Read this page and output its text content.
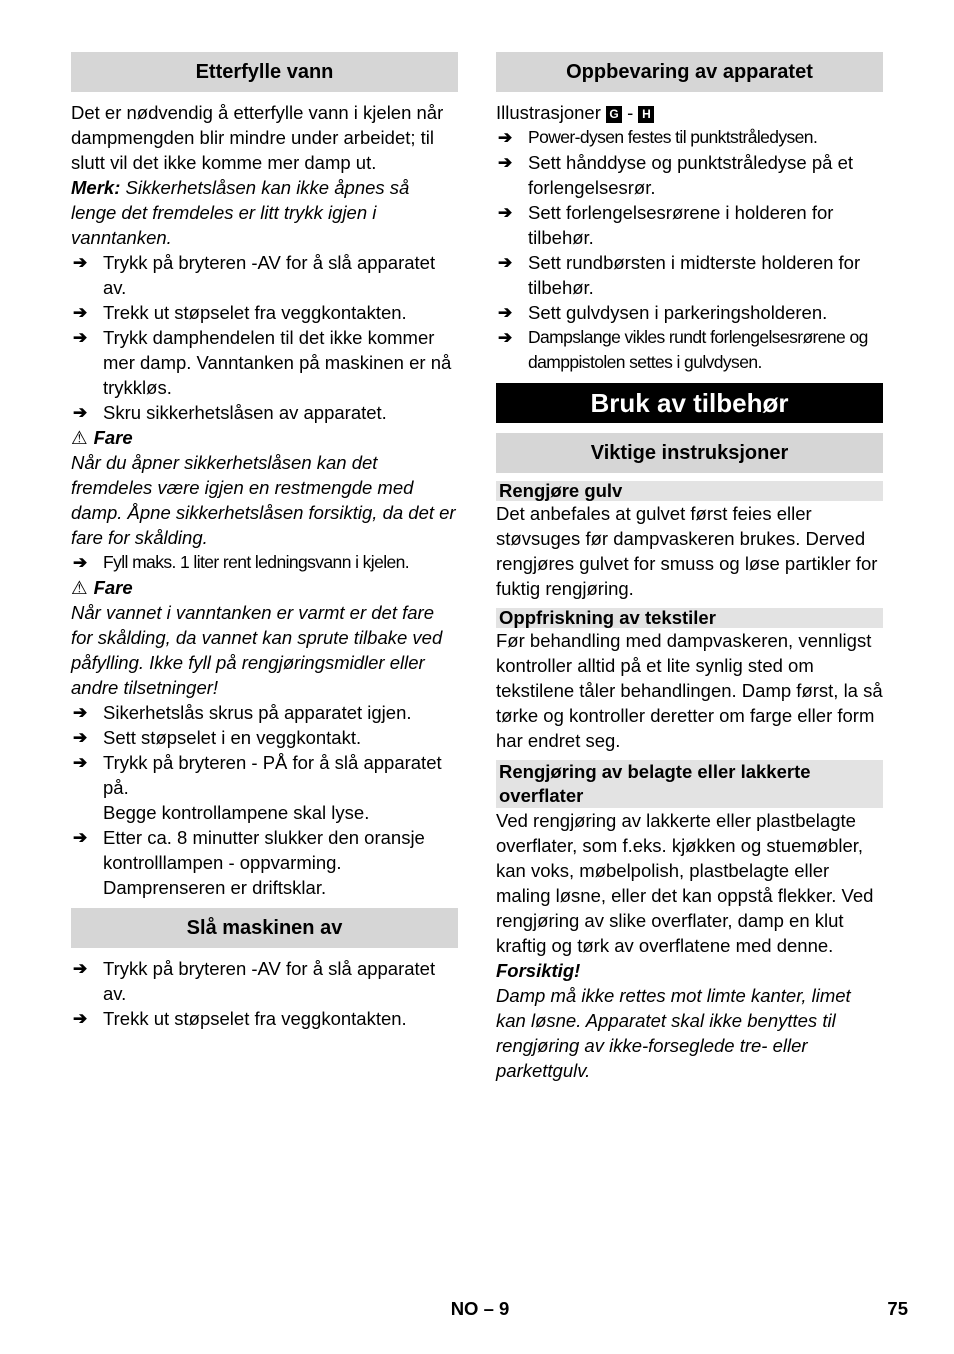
Etterfylle vann

Det er nødvendig å etterfylle vann i kjelen når dampmengden blir mindre under arbeidet; til slutt vil det ikke komme mer damp ut.

Merk: Sikkerhetslåsen kan ikke åpnes så lenge det fremdeles er litt trykk igjen i vanntanken.

➔ Trykk på bryteren -AV for å slå apparatet av.
➔ Trekk ut støpselet fra veggkontakten.
➔ Trykk damphendelen til det ikke kommer mer damp. Vanntanken på maskinen er nå trykkløs.
➔ Skru sikkerhetslåsen av apparatet.
⚠ Fare

Når du åpner sikkerhetslåsen kan det fremdeles være igjen en restmengde med damp. Åpne sikkerhetslåsen forsiktig, da det er fare for skålding.

➔ Fyll maks. 1 liter rent ledningsvann i kjelen.
⚠ Fare

Når vannet i vanntanken er varmt er det fare for skålding, da vannet kan sprute tilbake ved påfylling. Ikke fyll på rengjøringsmidler eller andre tilsetninger!

➔ Sikerhetslås skrus på apparatet igjen.
➔ Sett støpselet i en veggkontakt.
➔ Trykk på bryteren - PÅ for å slå apparatet på.
Begge kontrollampene skal lyse.
➔ Etter ca. 8 minutter slukker den oransje kontrolllampen - oppvarming. Damprenseren er driftsklar.
Slå maskinen av
➔ Trykk på bryteren -AV for å slå apparatet av.
➔ Trekk ut støpselet fra veggkontakten.
Oppbevaring av apparatet

Illustrasjoner G - H

➔ Power-dysen festes til punktstråledysen.
➔ Sett hånddyse og punktstråledyse på et forlengelsesrør.
➔ Sett forlengelsesrørene i holderen for tilbehør.
➔ Sett rundbørsten i midterste holderen for tilbehør.
➔ Sett gulvdysen i parkeringsholderen.
➔ Dampslange vikles rundt forlengelsesrørene og damppistolen settes i gulvdysen.
Bruk av tilbehør
Viktige instruksjoner
Rengjøre gulv

Det anbefales at gulvet først feies eller støvsuges før dampvaskeren brukes. Derved rengjøres gulvet for smuss og løse partikler for fuktig rengjøring.

Oppfriskning av tekstiler

Før behandling med dampvaskeren, vennligst kontroller alltid på et lite synlig sted om tekstilene tåler behandlingen. Damp først, la så tørke og kontroller deretter om farge eller form har endret seg.

Rengjøring av belagte eller lakkerte overflater

Ved rengjøring av lakkerte eller plastbelagte overflater, som f.eks. kjøkken og stuemøbler, kan voks, møbelpolish, plastbelagte eller maling løsne, eller det kan oppstå flekker. Ved rengjøring av slike overflater, damp en klut kraftig og tørk av overflatene med denne.

Forsiktig!

Damp må ikke rettes mot limte kanter, limet kan løsne. Apparatet skal ikke benyttes til rengjøring av ikke-forseglede tre- eller parkettgulv.

NO – 9	75
